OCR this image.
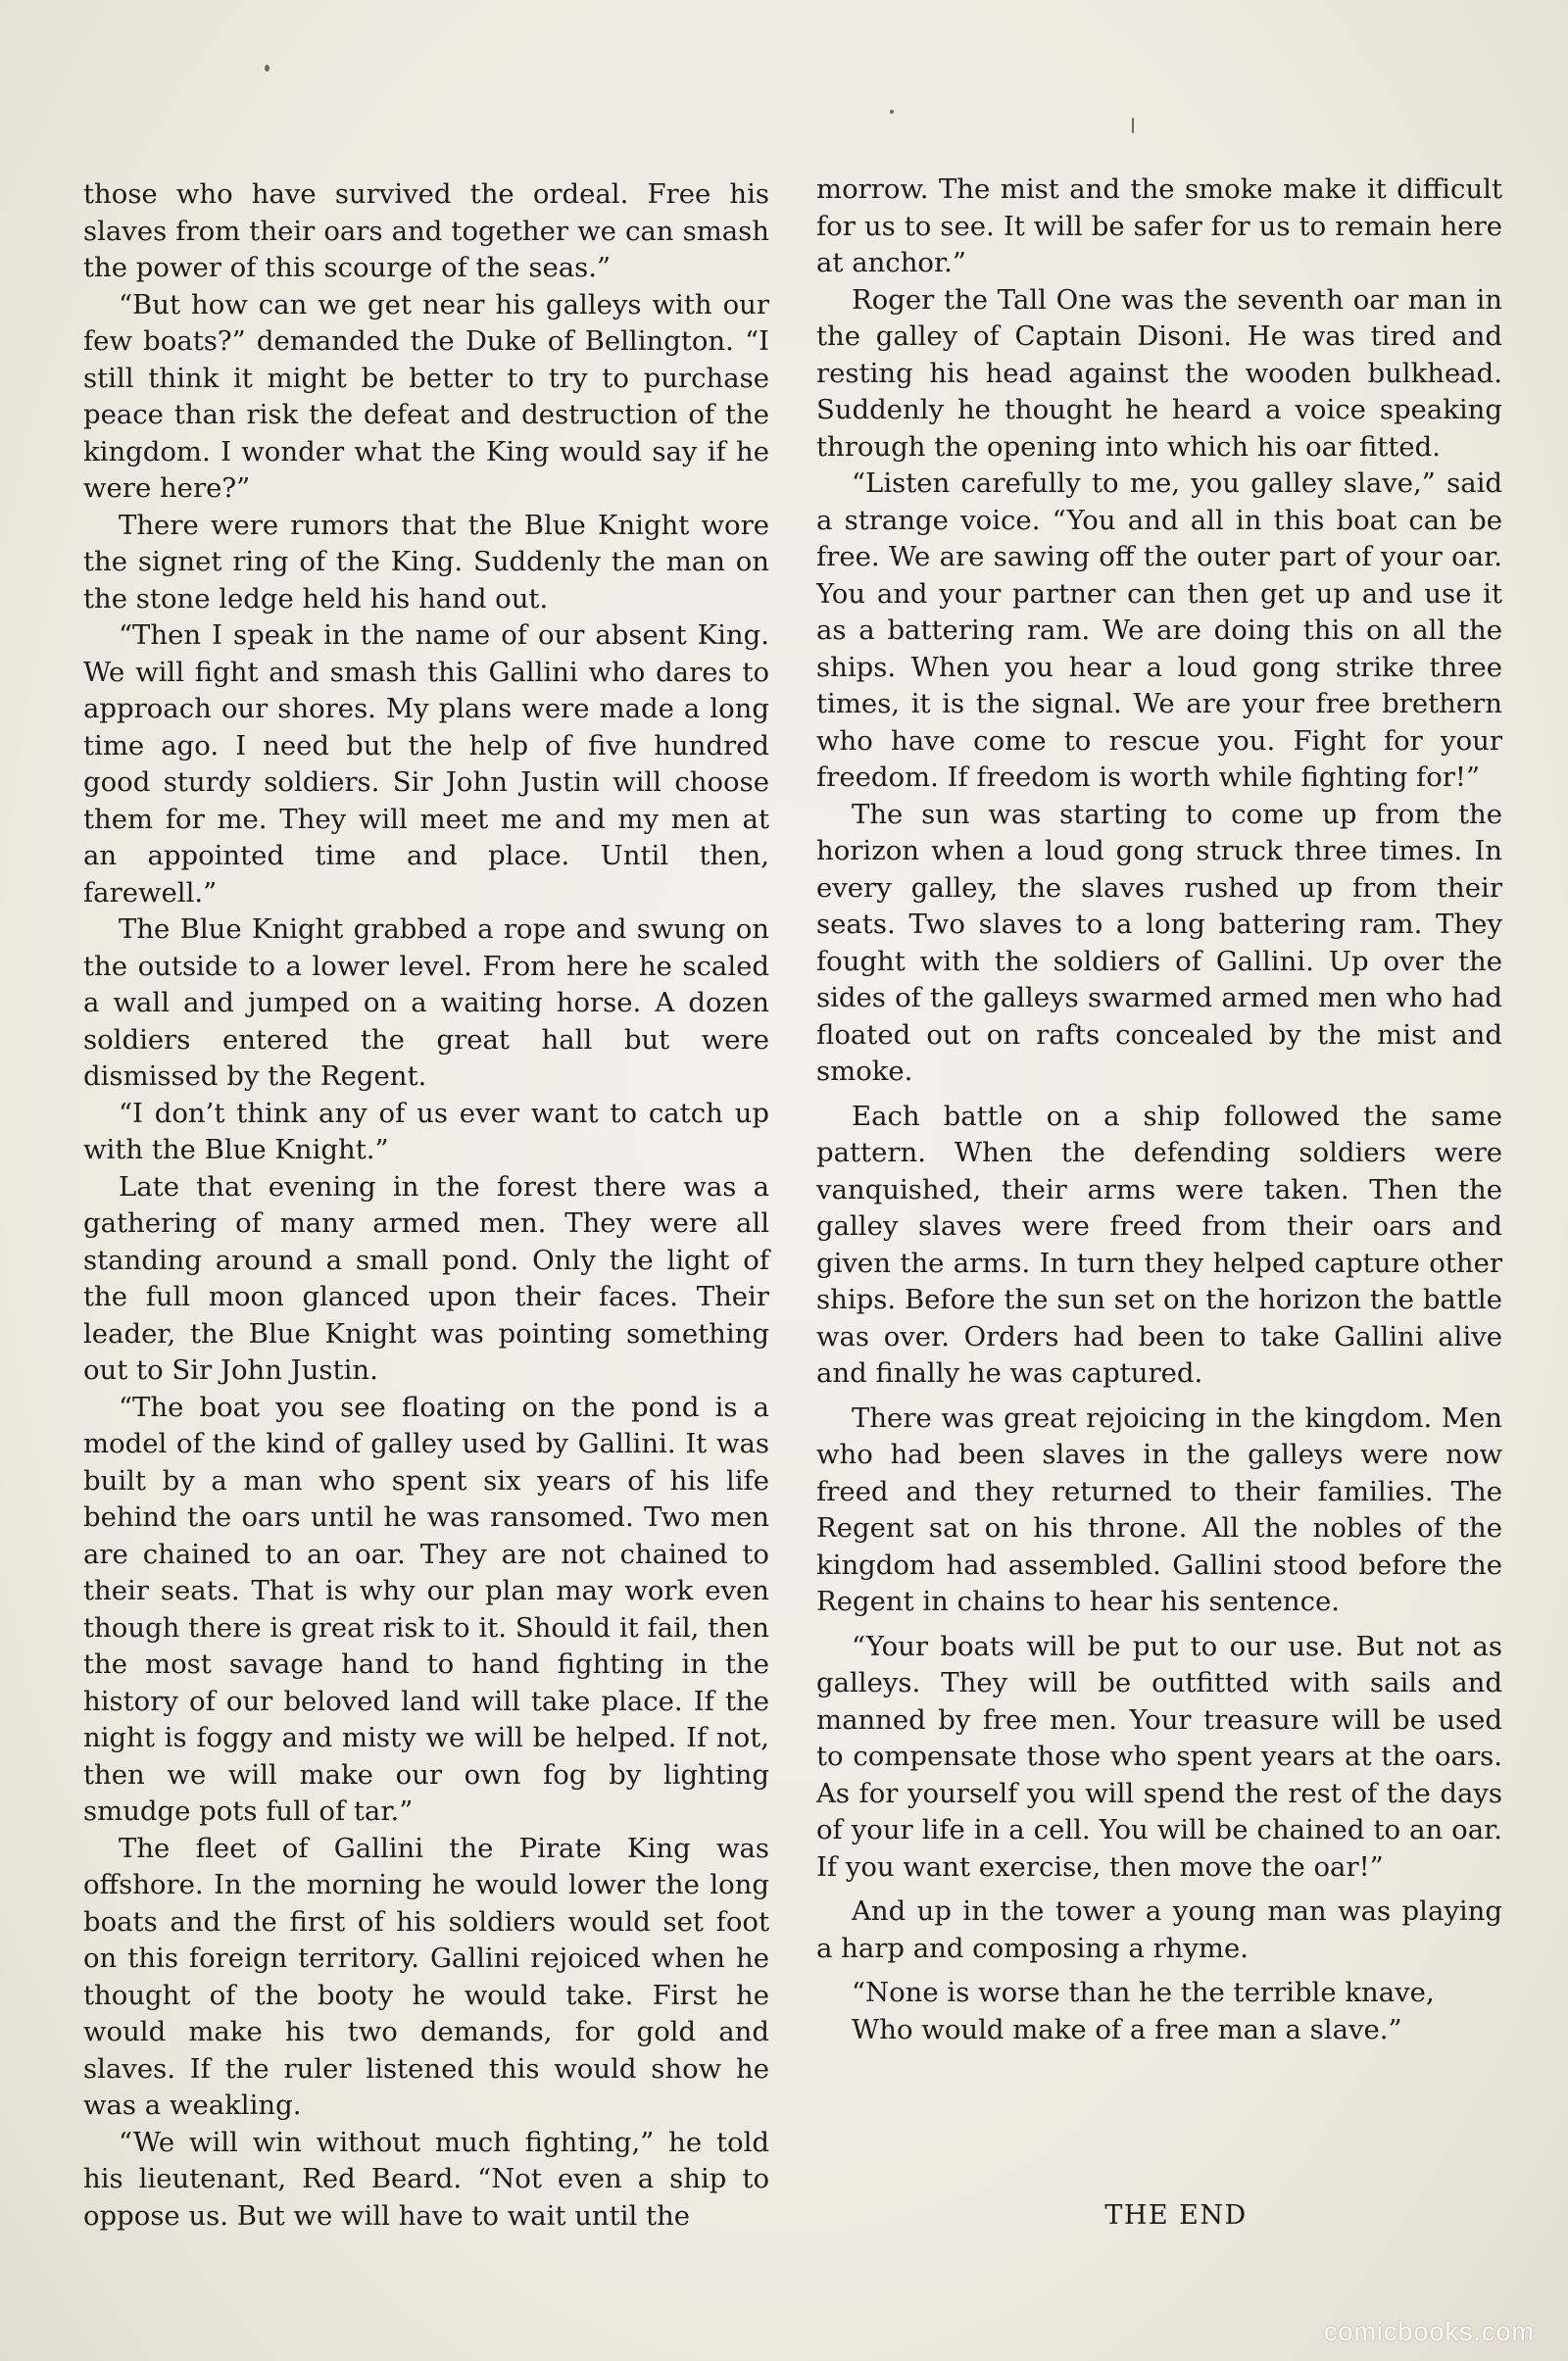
those who have survived the ordeal. Free his slaves from their oars and together we can smash the power of this scourge of the seas.”

“But how can we get near his galleys with our few boats?” demanded the Duke of Bellington. “I still think it might be better to try to purchase peace than risk the defeat and destruction of the kingdom. I wonder what the King would say if he were here?”

There were rumors that the Blue Knight wore the signet ring of the King. Suddenly the man on the stone ledge held his hand out.

“Then I speak in the name of our absent King. We will fight and smash this Gallini who dares to approach our shores. My plans were made a long time ago. I need but the help of five hundred good sturdy soldiers. Sir John Justin will choose them for me. They will meet me and my men at an appointed time and place. Until then, farewell.”

The Blue Knight grabbed a rope and swung on the outside to a lower level. From here he scaled a wall and jumped on a waiting horse. A dozen soldiers entered the great hall but were dismissed by the Regent.

“I don’t think any of us ever want to catch up with the Blue Knight.”

Late that evening in the forest there was a gathering of many armed men. They were all standing around a small pond. Only the light of the full moon glanced upon their faces. Their leader, the Blue Knight was pointing something out to Sir John Justin.

“The boat you see floating on the pond is a model of the kind of galley used by Gallini. It was built by a man who spent six years of his life behind the oars until he was ransomed. Two men are chained to an oar. They are not chained to their seats. That is why our plan may work even though there is great risk to it. Should it fail, then the most savage hand to hand fighting in the history of our beloved land will take place. If the night is foggy and misty we will be helped. If not, then we will make our own fog by lighting smudge pots full of tar.”

The fleet of Gallini the Pirate King was offshore. In the morning he would lower the long boats and the first of his soldiers would set foot on this foreign territory. Gallini rejoiced when he thought of the booty he would take. First he would make his two demands, for gold and slaves. If the ruler listened this would show he was a weakling.

“We will win without much fighting,” he told his lieutenant, Red Beard. “Not even a ship to oppose us. But we will have to wait until the

morrow. The mist and the smoke make it difficult for us to see. It will be safer for us to remain here at anchor.”

Roger the Tall One was the seventh oar man in the galley of Captain Disoni. He was tired and resting his head against the wooden bulkhead. Suddenly he thought he heard a voice speaking through the opening into which his oar fitted.

“Listen carefully to me, you galley slave,” said a strange voice. “You and all in this boat can be free. We are sawing off the outer part of your oar. You and your partner can then get up and use it as a battering ram. We are doing this on all the ships. When you hear a loud gong strike three times, it is the signal. We are your free brethern who have come to rescue you. Fight for your freedom. If freedom is worth while fighting for!”

The sun was starting to come up from the horizon when a loud gong struck three times. In every galley, the slaves rushed up from their seats. Two slaves to a long battering ram. They fought with the soldiers of Gallini. Up over the sides of the galleys swarmed armed men who had floated out on rafts concealed by the mist and smoke.

Each battle on a ship followed the same pattern. When the defending soldiers were vanquished, their arms were taken. Then the galley slaves were freed from their oars and given the arms. In turn they helped capture other ships. Before the sun set on the horizon the battle was over. Orders had been to take Gallini alive and finally he was captured.

There was great rejoicing in the kingdom. Men who had been slaves in the galleys were now freed and they returned to their families. The Regent sat on his throne. All the nobles of the kingdom had assembled. Gallini stood before the Regent in chains to hear his sentence.

“Your boats will be put to our use. But not as galleys. They will be outfitted with sails and manned by free men. Your treasure will be used to compensate those who spent years at the oars. As for yourself you will spend the rest of the days of your life in a cell. You will be chained to an oar. If you want exercise, then move the oar!”

And up in the tower a young man was playing a harp and composing a rhyme.

“None is worse than he the terrible knave,
Who would make of a free man a slave.”

THE END
comicbooks.com
